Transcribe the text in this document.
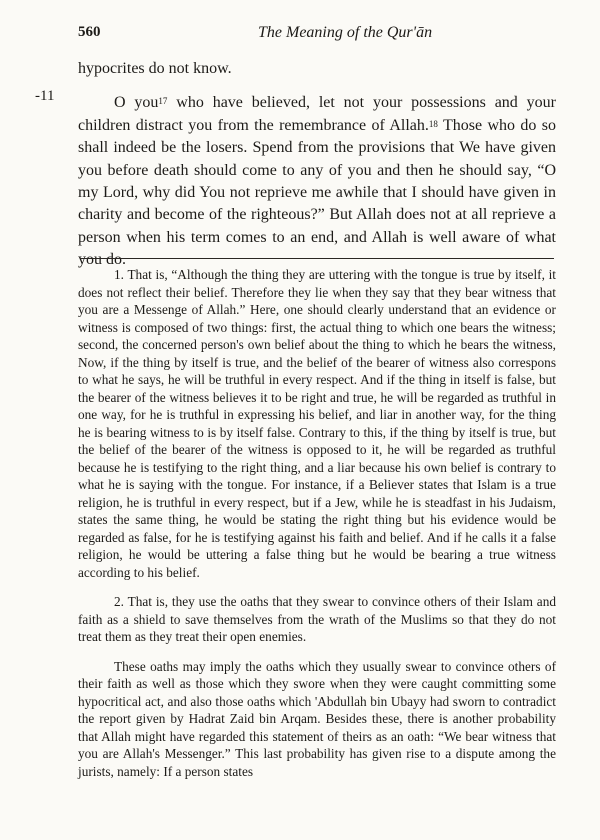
560	The Meaning of the Qur'ān
-11

hypocrites do not know.

O you$^{17}$ who have believed, let not your possessions and your children distract you from the remembrance of Allah.$^{18}$ Those who do so shall indeed be the losers. Spend from the provisions that We have given you before death should come to any of you and then he should say, “O my Lord, why did You not reprieve me awhile that I should have given in charity and become of the righteous?” But Allah does not at all reprieve a person when his term comes to an end, and Allah is well aware of what you do.

1. That is, “Although the thing they are uttering with the tongue is true by itself, it does not reflect their belief. Therefore they lie when they say that they bear witness that you are a Messenge of Allah.” Here, one should clearly understand that an evidence or witness is composed of two things: first, the actual thing to which one bears the witness; second, the concerned person's own belief about the thing to which he bears the witness, Now, if the thing by itself is true, and the belief of the bearer of witness also correspons to what he says, he will be truthful in every respect. And if the thing in itself is false, but the bearer of the witness believes it to be right and true, he will be regarded as truthful in one way, for he is truthful in expressing his belief, and liar in another way, for the thing he is bearing witness to is by itself false. Contrary to this, if the thing by itself is true, but the belief of the bearer of the witness is opposed to it, he will be regarded as truthful because he is testifying to the right thing, and a liar because his own belief is contrary to what he is saying with the tongue. For instance, if a Believer states that Islam is a true religion, he is truthful in every respect, but if a Jew, while he is steadfast in his Judaism, states the same thing, he would be stating the right thing but his evidence would be regarded as false, for he is testifying against his faith and belief. And if he calls it a false religion, he would be uttering a false thing but he would be bearing a true witness according to his belief.

2. That is, they use the oaths that they swear to convince others of their Islam and faith as a shield to save themselves from the wrath of the Muslims so that they do not treat them as they treat their open enemies.

These oaths may imply the oaths which they usually swear to convince others of their faith as well as those which they swore when they were caught committing some hypocritical act, and also those oaths which 'Abdullah bin Ubayy had sworn to contradict the report given by Hadrat Zaid bin Arqam. Besides these, there is another probability that Allah might have regarded this statement of theirs as an oath: “We bear witness that you are Allah's Messenger.” This last probability has given rise to a dispute among the jurists, namely: If a person states
